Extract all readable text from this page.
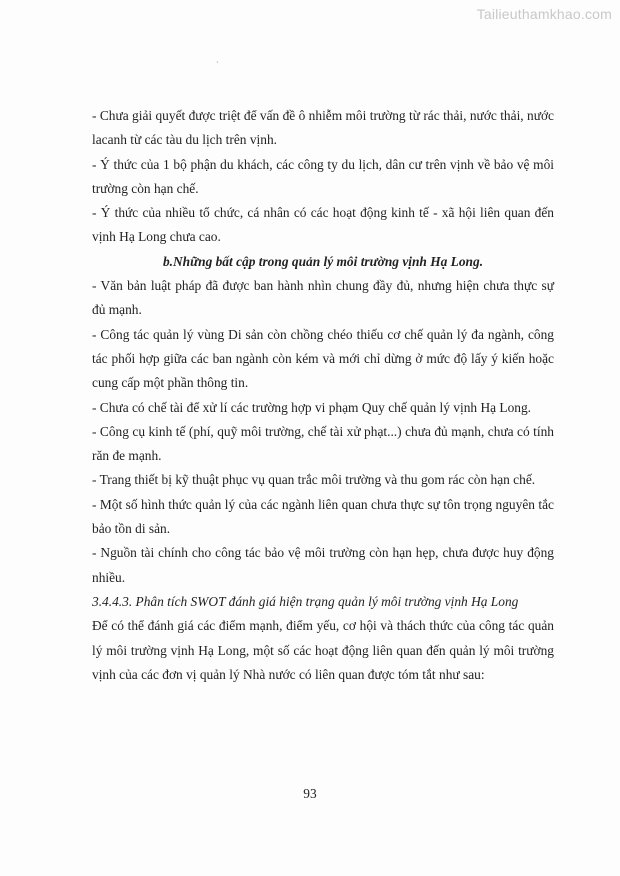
Tailieuthamkhao.com
·

- Chưa giải quyết được triệt để vấn đề ô nhiễm môi trường từ rác thải, nước thải, nước lacanh từ các tàu du lịch trên vịnh.

- Ý thức của 1 bộ phận du khách, các công ty du lịch, dân cư trên vịnh về bảo vệ môi trường còn hạn chế.

- Ý thức của nhiều tổ chức, cá nhân có các hoạt động kinh tế - xã hội liên quan đến vịnh Hạ Long chưa cao.

b.Những bất cập trong quản lý môi trường vịnh Hạ Long.

- Văn bản luật pháp đã được ban hành nhìn chung đầy đủ, nhưng hiện chưa thực sự đủ mạnh.

- Công tác quản lý vùng Di sản còn chồng chéo thiếu cơ chế quản lý đa ngành, công tác phối hợp giữa các ban ngành còn kém và mới chỉ dừng ở mức độ lấy ý kiến hoặc cung cấp một phần thông tin.

- Chưa có chế tài để xử lí các trường hợp vi phạm Quy chế quản lý vịnh Hạ Long.

- Công cụ kinh tế (phí, quỹ môi trường, chế tài xử phạt...) chưa đủ mạnh, chưa có tính răn đe mạnh.

- Trang thiết bị kỹ thuật phục vụ quan trắc môi trường và thu gom rác còn hạn chế.

- Một số hình thức quản lý của các ngành liên quan chưa thực sự tôn trọng nguyên tắc bảo tồn di sản.

- Nguồn tài chính cho công tác bảo vệ môi trường còn hạn hẹp, chưa được huy động nhiều.

3.4.4.3. Phân tích SWOT đánh giá hiện trạng quản lý môi trường vịnh Hạ Long

Để có thể đánh giá các điểm mạnh, điểm yếu, cơ hội và thách thức của công tác quản lý môi trường vịnh Hạ Long, một số các hoạt động liên quan đến quản lý môi trường vịnh của các đơn vị quản lý Nhà nước có liên quan được tóm tắt như sau:

93
